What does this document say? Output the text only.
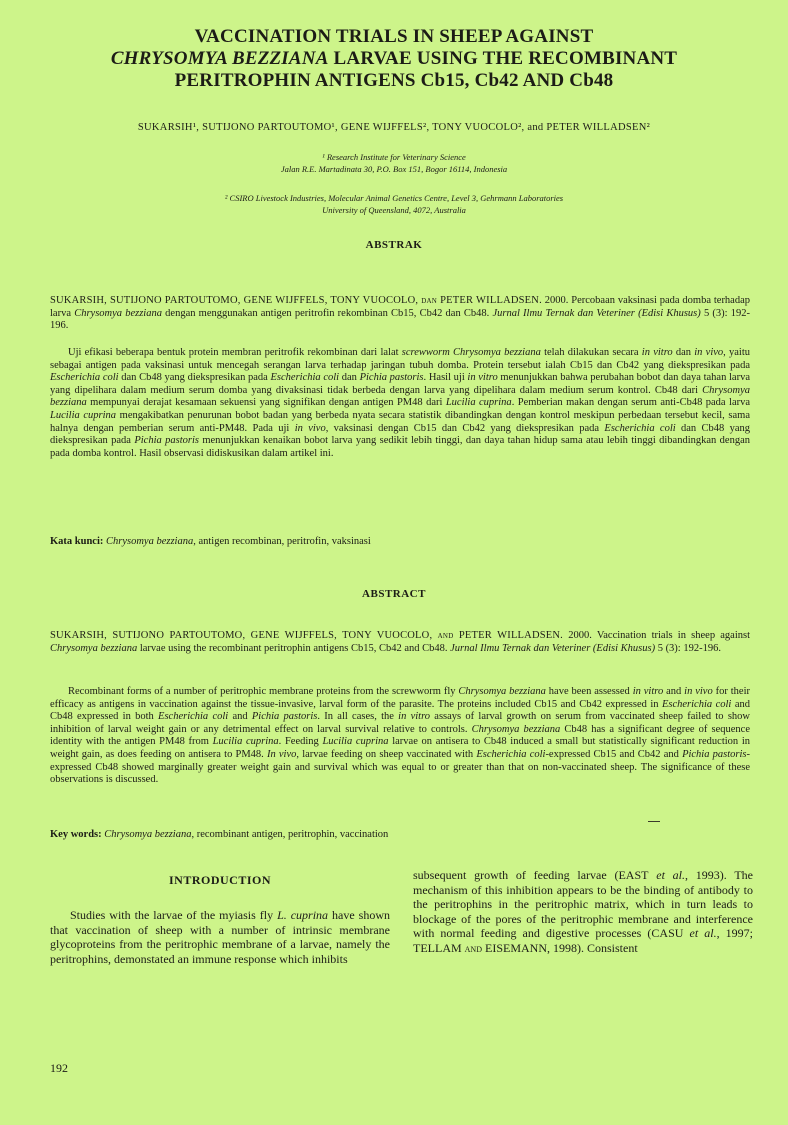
VACCINATION TRIALS IN SHEEP AGAINST
CHRYSOMYA BEZZIANA LARVAE USING THE RECOMBINANT
PERITROPHIN ANTIGENS Cb15, Cb42 AND Cb48
SUKARSIH¹, SUTIJONO PARTOUTOMO¹, GENE WIJFFELS², TONY VUOCOLO², and PETER WILLADSEN²
¹ Research Institute for Veterinary Science
Jalan R.E. Martadinata 30, P.O. Box 151, Bogor 16114, Indonesia
² CSIRO Livestock Industries, Molecular Animal Genetics Centre, Level 3, Gehrmann Laboratories
University of Queensland, 4072, Australia
ABSTRAK
SUKARSIH, SUTIJONO PARTOUTOMO, GENE WIJFFELS, TONY VUOCOLO, dan PETER WILLADSEN. 2000. Percobaan vaksinasi pada domba terhadap larva Chrysomya bezziana dengan menggunakan antigen peritrofin rekombinan Cb15, Cb42 dan Cb48. Jurnal Ilmu Ternak dan Veteriner (Edisi Khusus) 5 (3): 192-196.
Uji efikasi beberapa bentuk protein membran peritrofik rekombinan dari lalat screwworm Chrysomya bezziana telah dilakukan secara in vitro dan in vivo, yaitu sebagai antigen pada vaksinasi untuk mencegah serangan larva terhadap jaringan tubuh domba. Protein tersebut ialah Cb15 dan Cb42 yang diekspresikan pada Escherichia coli dan Cb48 yang diekspresikan pada Escherichia coli dan Pichia pastoris. Hasil uji in vitro menunjukkan bahwa perubahan bobot dan daya tahan larva yang dipelihara dalam medium serum domba yang divaksinasi tidak berbeda dengan larva yang dipelihara dalam medium serum kontrol. Cb48 dari Chrysomya bezziana mempunyai derajat kesamaan sekuensi yang signifikan dengan antigen PM48 dari Lucilia cuprina. Pemberian makan dengan serum anti-Cb48 pada larva Lucilia cuprina mengakibatkan penurunan bobot badan yang berbeda nyata secara statistik dibandingkan dengan kontrol meskipun perbedaan tersebut kecil, sama halnya dengan pemberian serum anti-PM48. Pada uji in vivo, vaksinasi dengan Cb15 dan Cb42 yang diekspresikan pada Escherichia coli dan Cb48 yang diekspresikan pada Pichia pastoris menunjukkan kenaikan bobot larva yang sedikit lebih tinggi, dan daya tahan hidup sama atau lebih tinggi dibandingkan dengan pada domba kontrol. Hasil observasi didiskusikan dalam artikel ini.
Kata kunci: Chrysomya bezziana, antigen recombinan, peritrofin, vaksinasi
ABSTRACT
SUKARSIH, SUTIJONO PARTOUTOMO, GENE WIJFFELS, TONY VUOCOLO, and PETER WILLADSEN. 2000. Vaccination trials in sheep against Chrysomya bezziana larvae using the recombinant peritrophin antigens Cb15, Cb42 and Cb48. Jurnal Ilmu Ternak dan Veteriner (Edisi Khusus) 5 (3): 192-196.
Recombinant forms of a number of peritrophic membrane proteins from the screwworm fly Chrysomya bezziana have been assessed in vitro and in vivo for their efficacy as antigens in vaccination against the tissue-invasive, larval form of the parasite. The proteins included Cb15 and Cb42 expressed in Escherichia coli and Cb48 expressed in both Escherichia coli and Pichia pastoris. In all cases, the in vitro assays of larval growth on serum from vaccinated sheep failed to show inhibition of larval weight gain or any detrimental effect on larval survival relative to controls. Chrysomya bezziana Cb48 has a significant degree of sequence identity with the antigen PM48 from Lucilia cuprina. Feeding Lucilia cuprina larvae on antisera to Cb48 induced a small but statistically significant reduction in weight gain, as does feeding on antisera to PM48. In vivo, larvae feeding on sheep vaccinated with Escherichia coli-expressed Cb15 and Cb42 and Pichia pastoris-expressed Cb48 showed marginally greater weight gain and survival which was equal to or greater than that on non-vaccinated sheep. The significance of these observations is discussed.
Key words: Chrysomya bezziana, recombinant antigen, peritrophin, vaccination
INTRODUCTION
Studies with the larvae of the myiasis fly L. cuprina have shown that vaccination of sheep with a number of intrinsic membrane glycoproteins from the peritrophic membrane of a larvae, namely the peritrophins, demonstated an immune response which inhibits
subsequent growth of feeding larvae (EAST et al., 1993). The mechanism of this inhibition appears to be the binding of antibody to the peritrophins in the peritrophic matrix, which in turn leads to blockage of the pores of the peritrophic membrane and interference with normal feeding and digestive processes (CASU et al., 1997; TELLAM and EISEMANN, 1998). Consistent
192
